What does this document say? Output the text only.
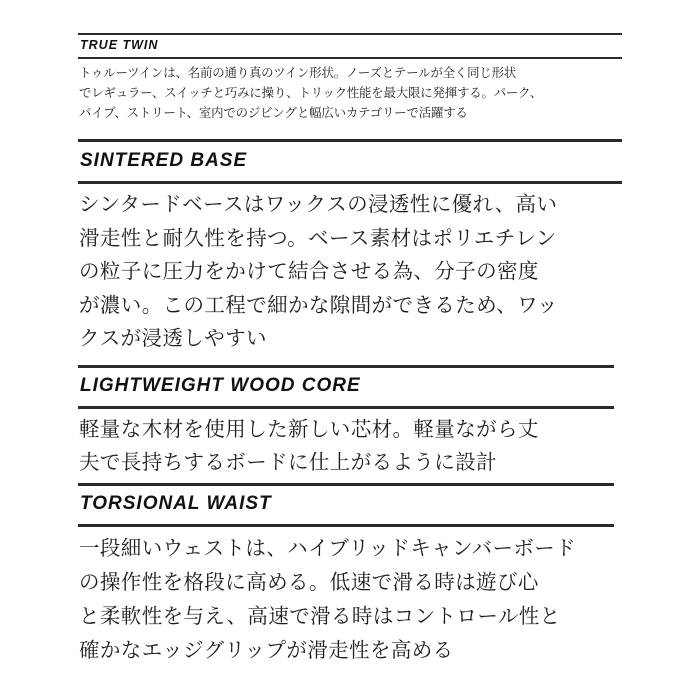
TRUE TWIN
トゥルーツインは、名前の通り真のツイン形状。ノーズとテールが全く同じ形状
でレギュラー、スイッチと巧みに操り、トリック性能を最大限に発揮する。パーク、
パイプ、ストリート、室内でのジビングと幅広いカテゴリーで活躍する
SINTERED BASE
シンタードベースはワックスの浸透性に優れ、高い
滑走性と耐久性を持つ。ベース素材はポリエチレン
の粒子に圧力をかけて結合させる為、分子の密度
が濃い。この工程で細かな隙間ができるため、ワッ
クスが浸透しやすい
LIGHTWEIGHT WOOD CORE
軽量な木材を使用した新しい芯材。軽量ながら丈
夫で長持ちするボードに仕上がるように設計
TORSIONAL WAIST
一段細いウェストは、ハイブリッドキャンバーボード
の操作性を格段に高める。低速で滑る時は遊び心
と柔軟性を与え、高速で滑る時はコントロール性と
確かなエッジグリップが滑走性を高める
